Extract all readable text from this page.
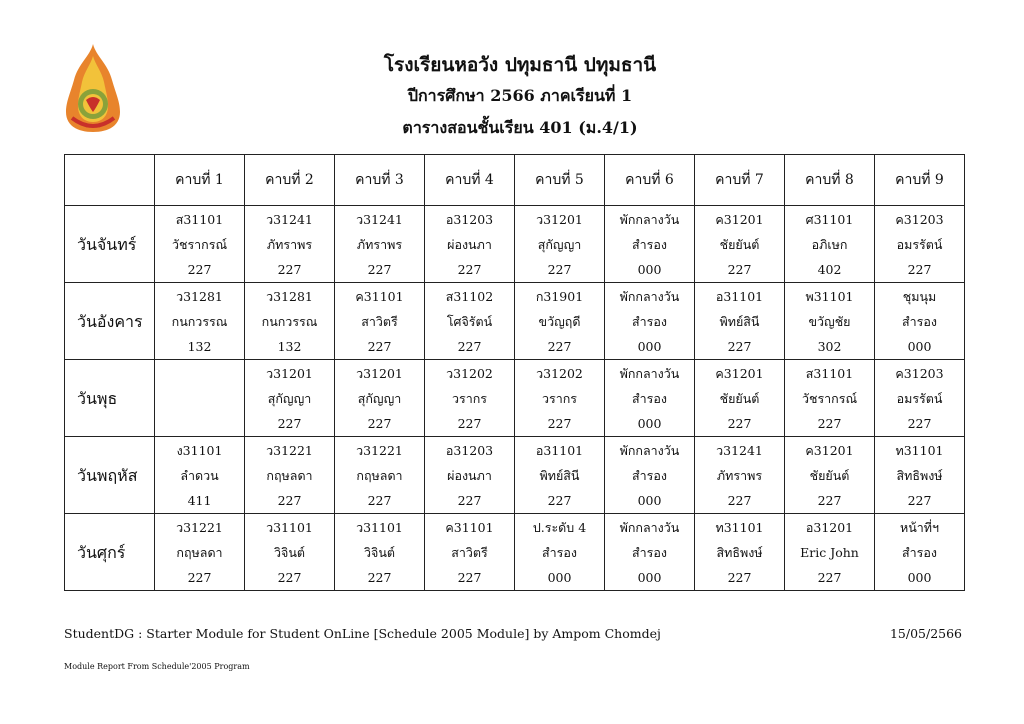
โรงเรียนหอวัง ปทุมธานี ปทุมธานี
ปีการศึกษา 2566 ภาคเรียนที่ 1
ตารางสอนชั้นเรียน 401 (ม.4/1)
	คาบที่ 1	คาบที่ 2	คาบที่ 3	คาบที่ 4	คาบที่ 5	คาบที่ 6	คาบที่ 7	คาบที่ 8	คาบที่ 9
วันจันทร์	ส31101
วัชรากรณ์
227	ว31241
ภัทราพร
227	ว31241
ภัทราพร
227	อ31203
ผ่องนภา
227	ว31201
สุกัญญา
227	พักกลางวัน
สำรอง
000	ค31201
ชัยยันต์
227	ศ31101
อภิเษก
402	ค31203
อมรรัตน์
227

วันอังคาร	ว31281
กนกวรรณ
132	ว31281
กนกวรรณ
132	ค31101
สาวิตรี
227	ส31102
โศจิรัตน์
227	ก31901
ขวัญฤดี
227	พักกลางวัน
สำรอง
000	อ31101
พิทย์สินี
227	พ31101
ขวัญชัย
302	ชุมนุม
สำรอง
000

วันพุธ		ว31201
สุกัญญา
227	ว31201
สุกัญญา
227	ว31202
วรากร
227	ว31202
วรากร
227	พักกลางวัน
สำรอง
000	ค31201
ชัยยันต์
227	ส31101
วัชรากรณ์
227	ค31203
อมรรัตน์
227

วันพฤหัส	ง31101
ลำดวน
411	ว31221
กฤษลดา
227	ว31221
กฤษลดา
227	อ31203
ผ่องนภา
227	อ31101
พิทย์สินี
227	พักกลางวัน
สำรอง
000	ว31241
ภัทราพร
227	ค31201
ชัยยันต์
227	ท31101
สิทธิพงษ์
227

วันศุกร์	ว31221
กฤษลดา
227	ว31101
วิจินต์
227	ว31101
วิจินต์
227	ค31101
สาวิตรี
227	ป.ระดับ 4
สำรอง
000	พักกลางวัน
สำรอง
000	ท31101
สิทธิพงษ์
227	อ31201
Eric John
227	หน้าที่ฯ
สำรอง
000
StudentDG : Starter Module for Student OnLine [Schedule 2005 Module] by Ampom Chomdej	15/05/2566
Module Report From Schedule'2005 Program
